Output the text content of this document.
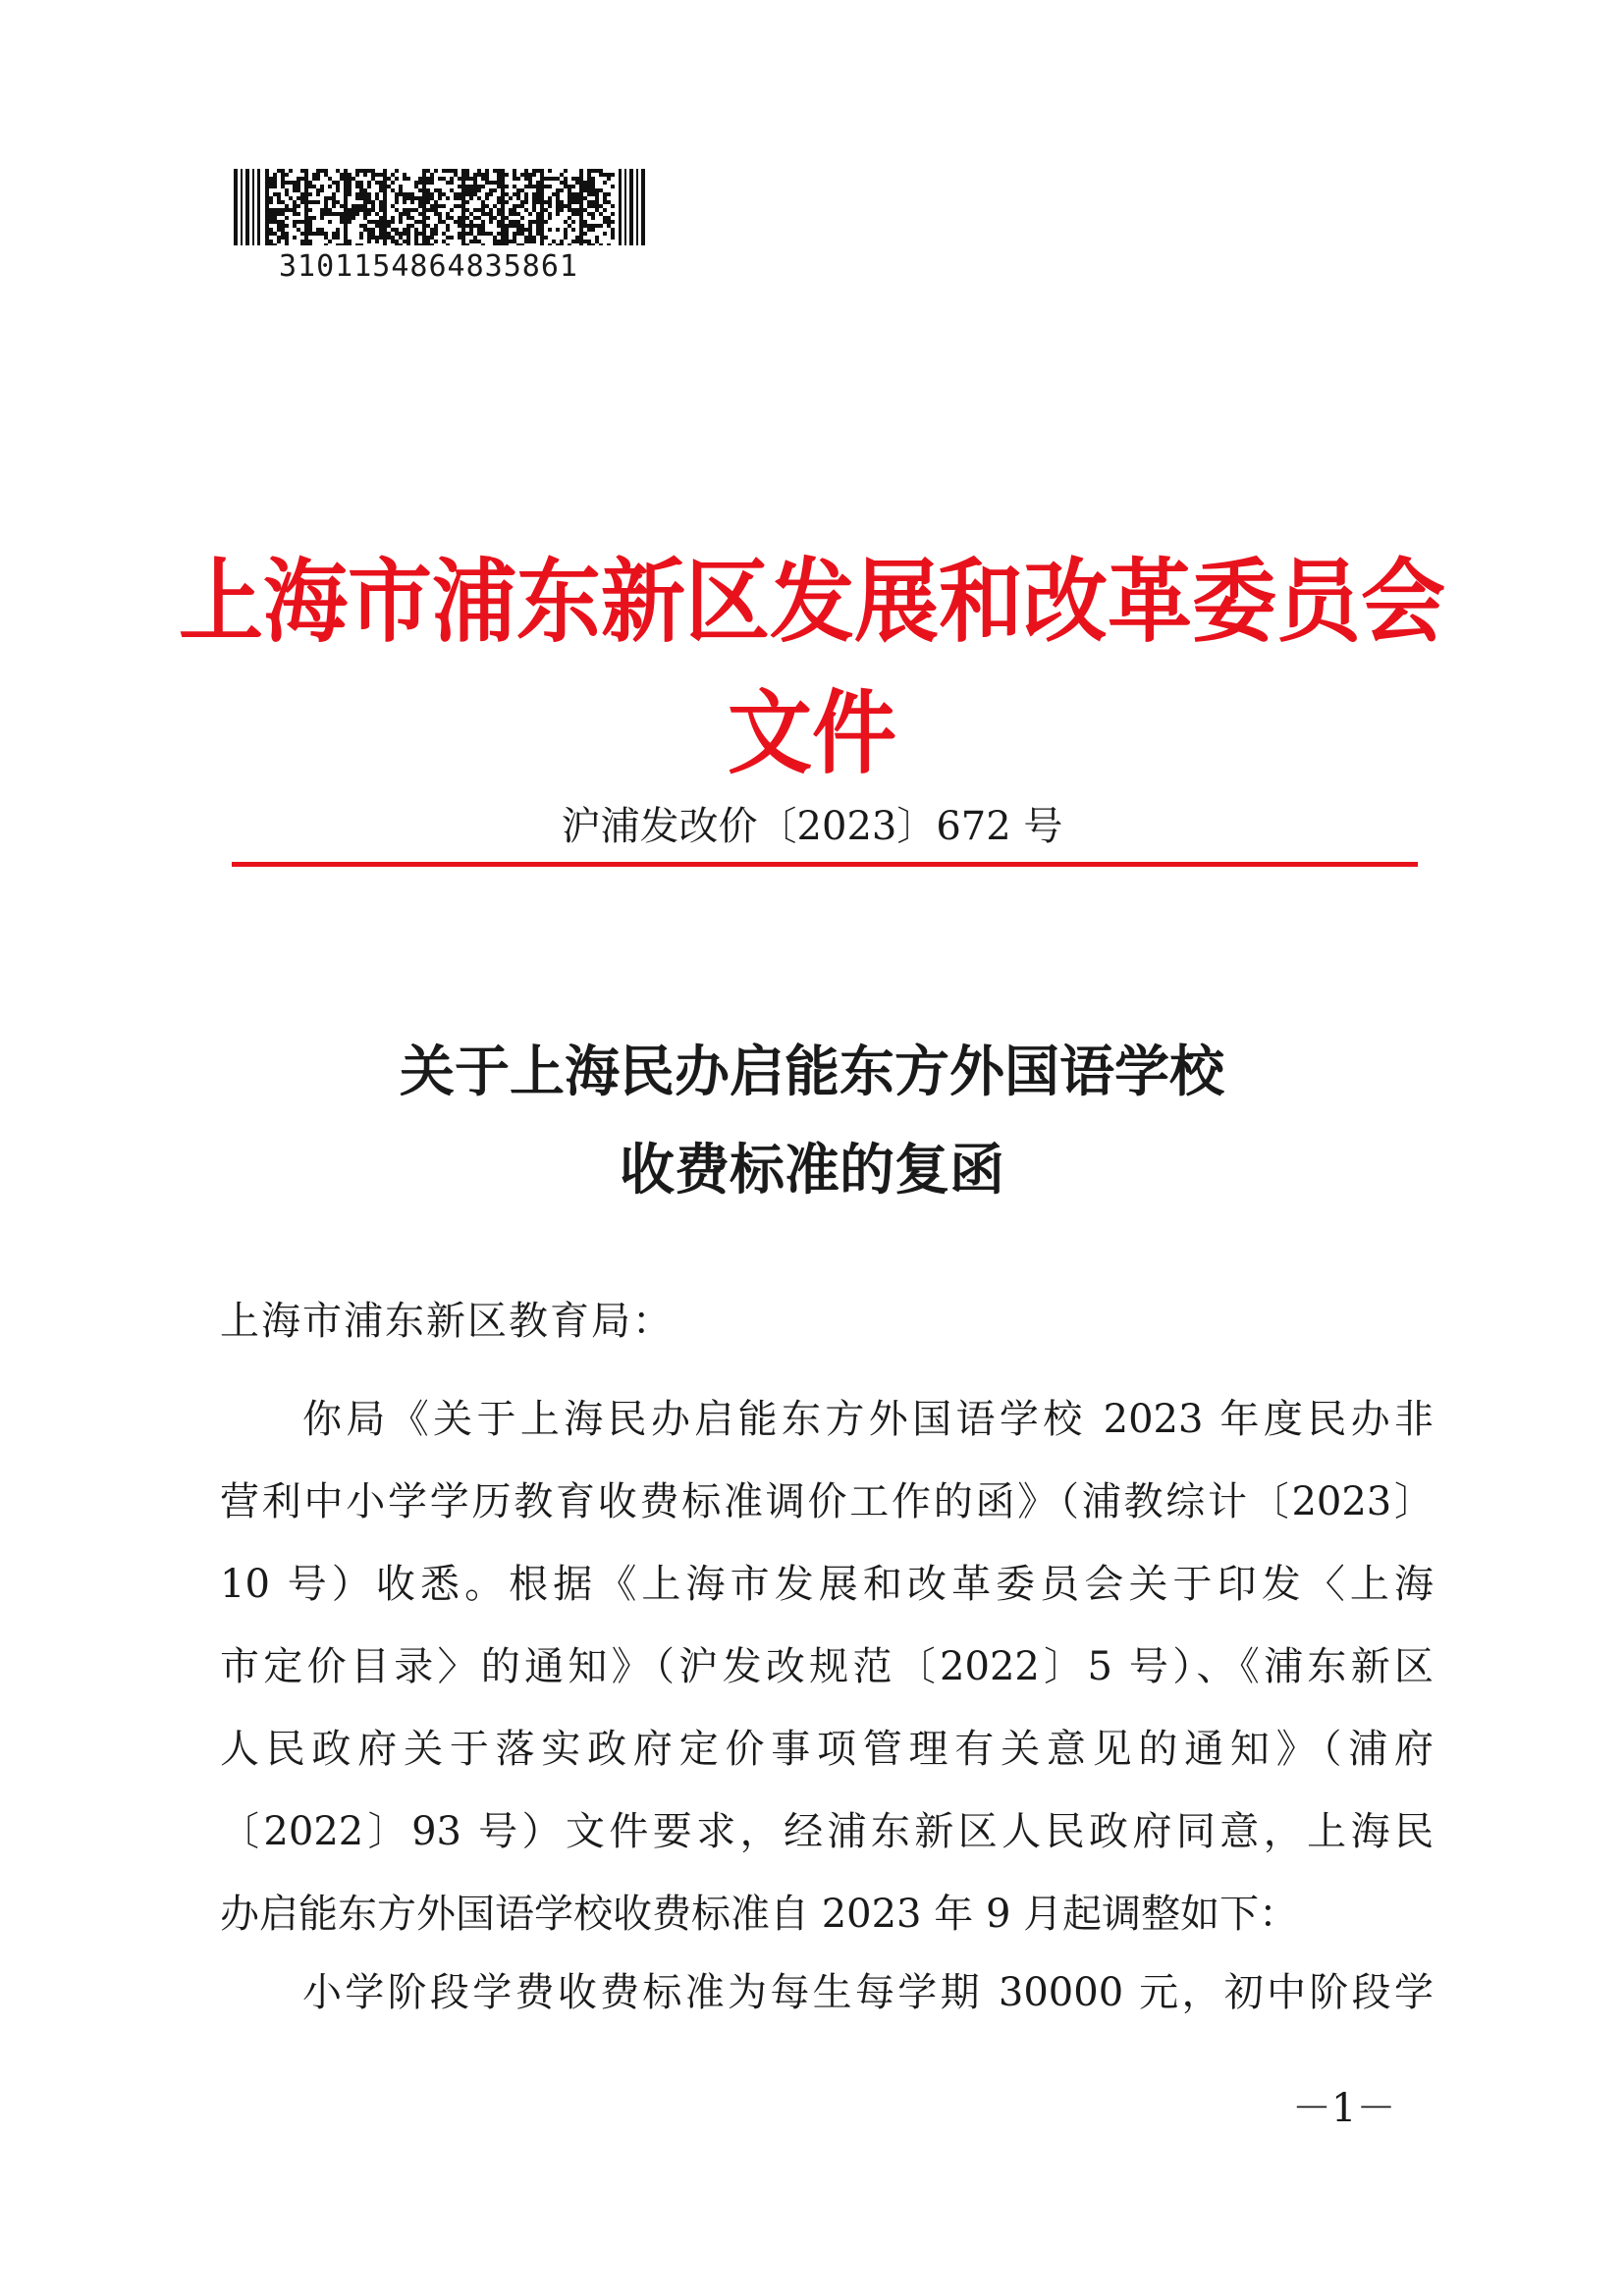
3101154864835861
上海市浦东新区发展和改革委员会文件
沪浦发改价〔2023〕672 号
关于上海民办启能东方外国语学校
收费标准的复函
上海市浦东新区教育局：
你局《关于上海民办启能东方外国语学校 2023 年度民办非
营利中小学学历教育收费标准调价工作的函》（浦教综计〔2023〕
10 号）收悉。根据《上海市发展和改革委员会关于印发〈上海
市定价目录〉的通知》（沪发改规范〔2022〕5 号）、《浦东新区
人民政府关于落实政府定价事项管理有关意见的通知》（浦府
〔2022〕93 号）文件要求，经浦东新区人民政府同意，上海民
办启能东方外国语学校收费标准自 2023 年 9 月起调整如下：
小学阶段学费收费标准为每生每学期 30000 元，初中阶段学
－1－
